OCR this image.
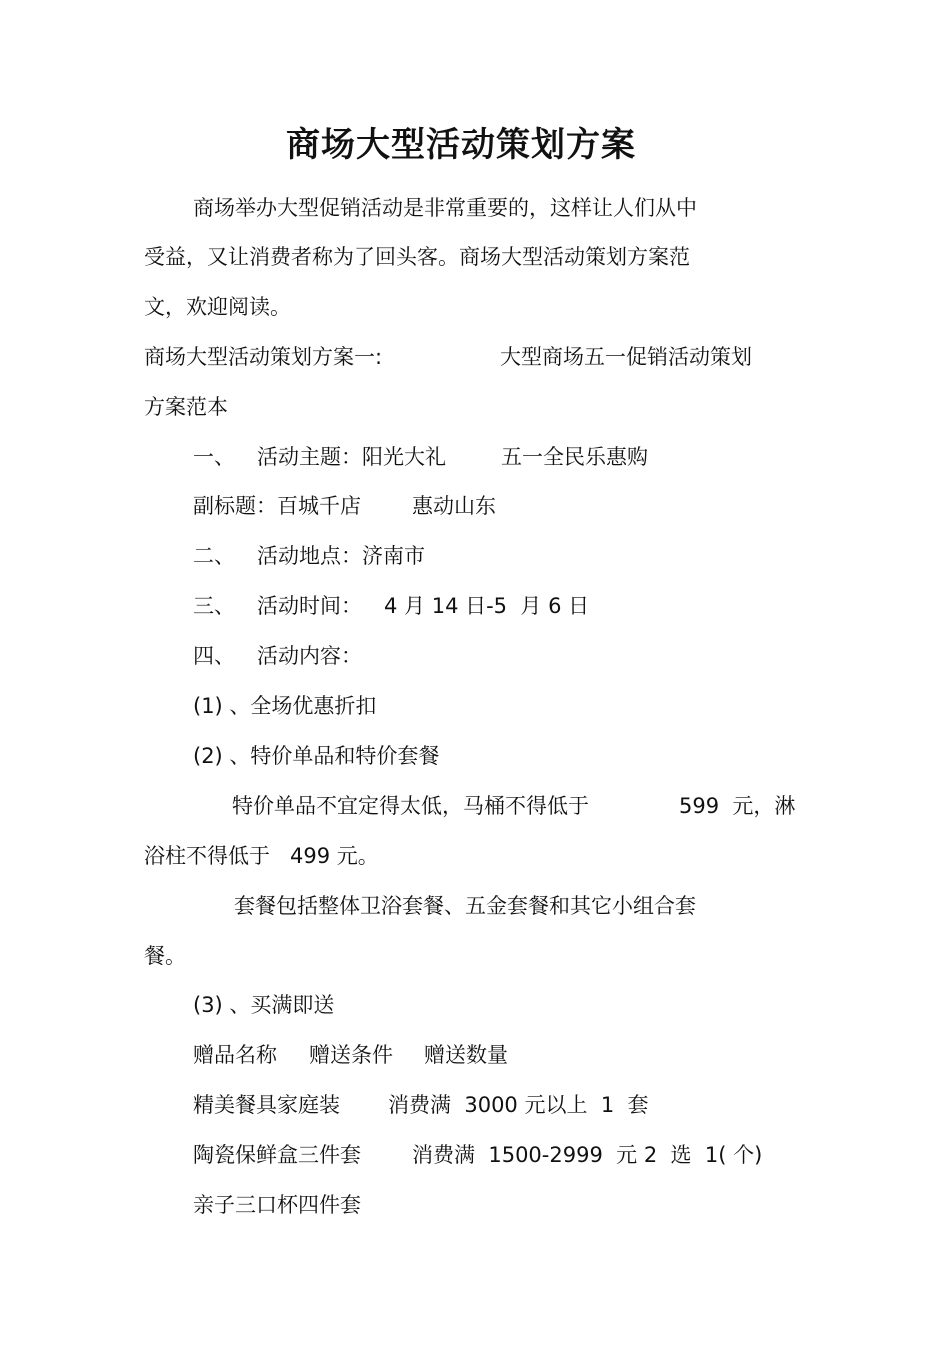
商场大型活动策划方案

商场举办大型促销活动是非常重要的，这样让人们从中

受益，又让消费者称为了回头客。商场大型活动策划方案范

文，欢迎阅读。

商场大型活动策划方案一:	大型商场五一促销活动策划

方案范本

一、 活动主题：阳光大礼	五一全民乐惠购

副标题：百城千店 惠动山东

二、 活动地点：济南市

三、 活动时间： 4 月 14 日-5  月 6 日

四、 活动内容：

(1) 、全场优惠折扣

(2) 、特价单品和特价套餐

特价单品不宜定得太低，马桶不得低于	599  元，淋

浴柱不得低于   499 元。

套餐包括整体卫浴套餐、五金套餐和其它小组合套

餐。

(3) 、买满即送

赠品名称 赠送条件 赠送数量

精美餐具家庭装 消费满  3000 元以上  1  套

陶瓷保鲜盒三件套 消费满  1500-2999  元 2  选  1( 个)

亲子三口杯四件套
